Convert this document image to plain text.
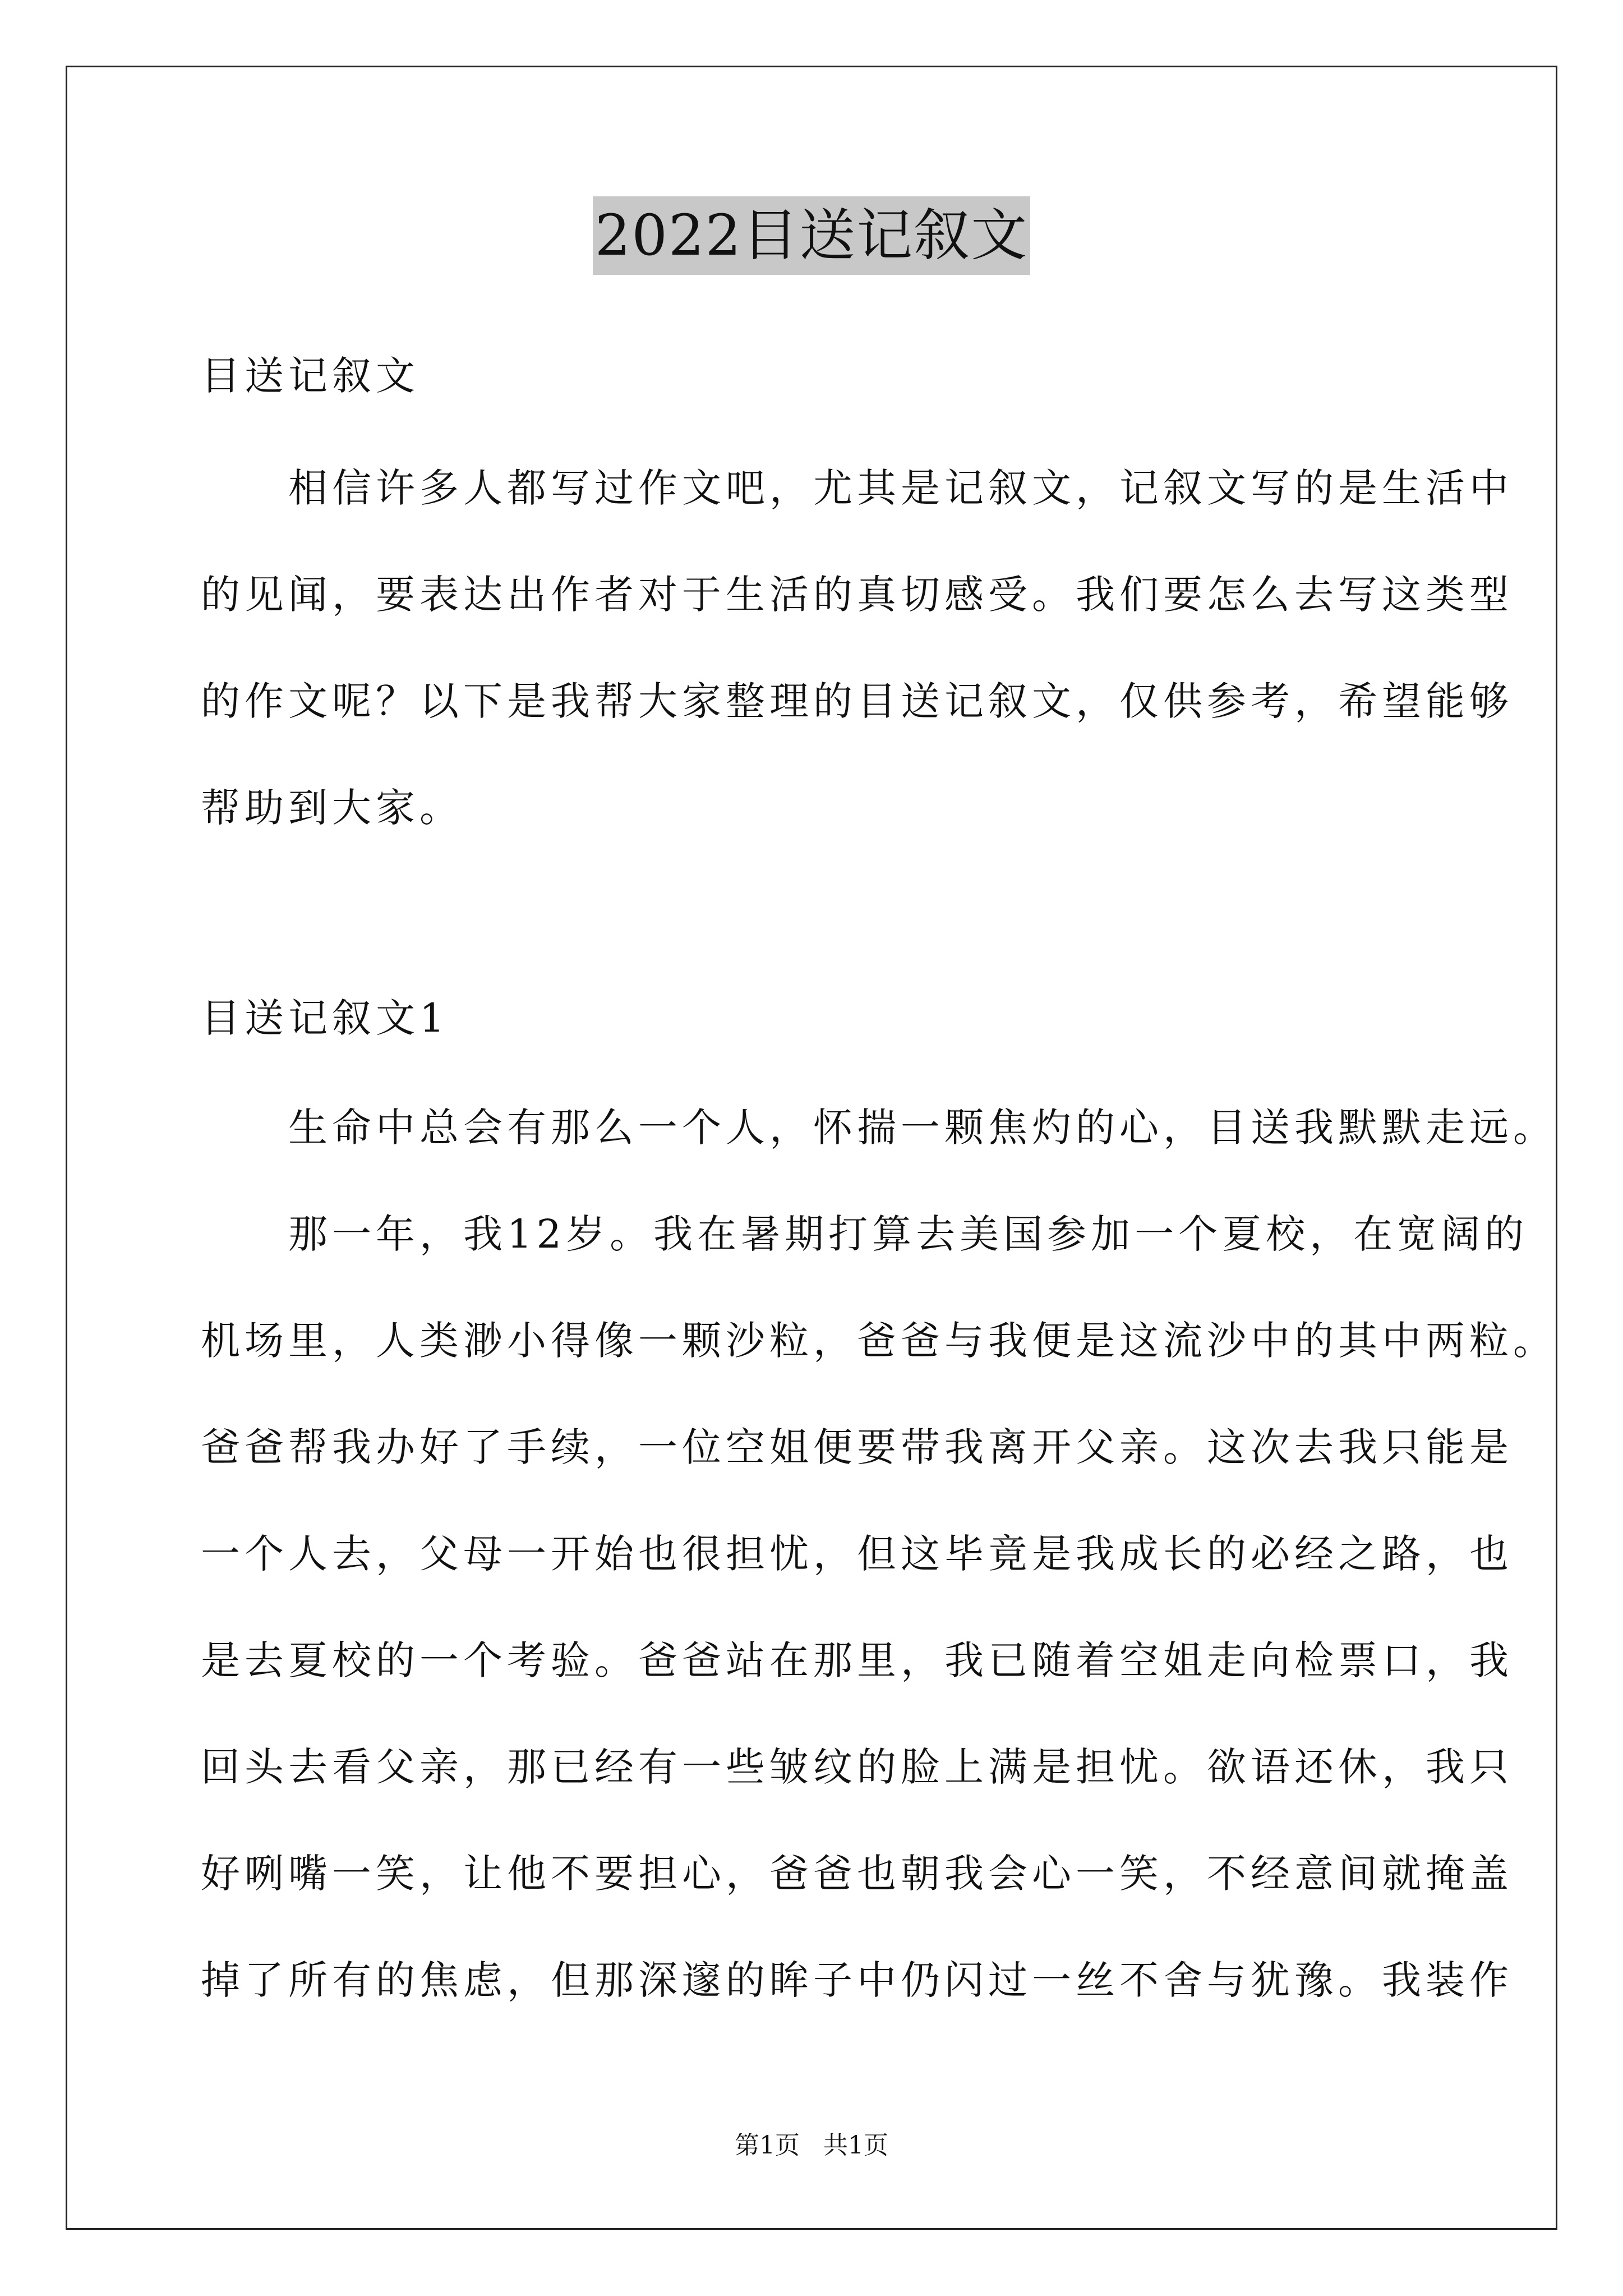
2022目送记叙文
目送记叙文
　　相信许多人都写过作文吧，尤其是记叙文，记叙文写的是生活中
的见闻，要表达出作者对于生活的真切感受。我们要怎么去写这类型
的作文呢？以下是我帮大家整理的目送记叙文，仅供参考，希望能够
帮助到大家。
目送记叙文1
　　生命中总会有那么一个人，怀揣一颗焦灼的心，目送我默默走远。
　　那一年，我12岁。我在暑期打算去美国参加一个夏校，在宽阔的
机场里，人类渺小得像一颗沙粒，爸爸与我便是这流沙中的其中两粒。
爸爸帮我办好了手续，一位空姐便要带我离开父亲。这次去我只能是
一个人去，父母一开始也很担忧，但这毕竟是我成长的必经之路，也
是去夏校的一个考验。爸爸站在那里，我已随着空姐走向检票口，我
回头去看父亲，那已经有一些皱纹的脸上满是担忧。欲语还休，我只
好咧嘴一笑，让他不要担心，爸爸也朝我会心一笑，不经意间就掩盖
掉了所有的焦虑，但那深邃的眸子中仍闪过一丝不舍与犹豫。我装作
第1页   共1页
